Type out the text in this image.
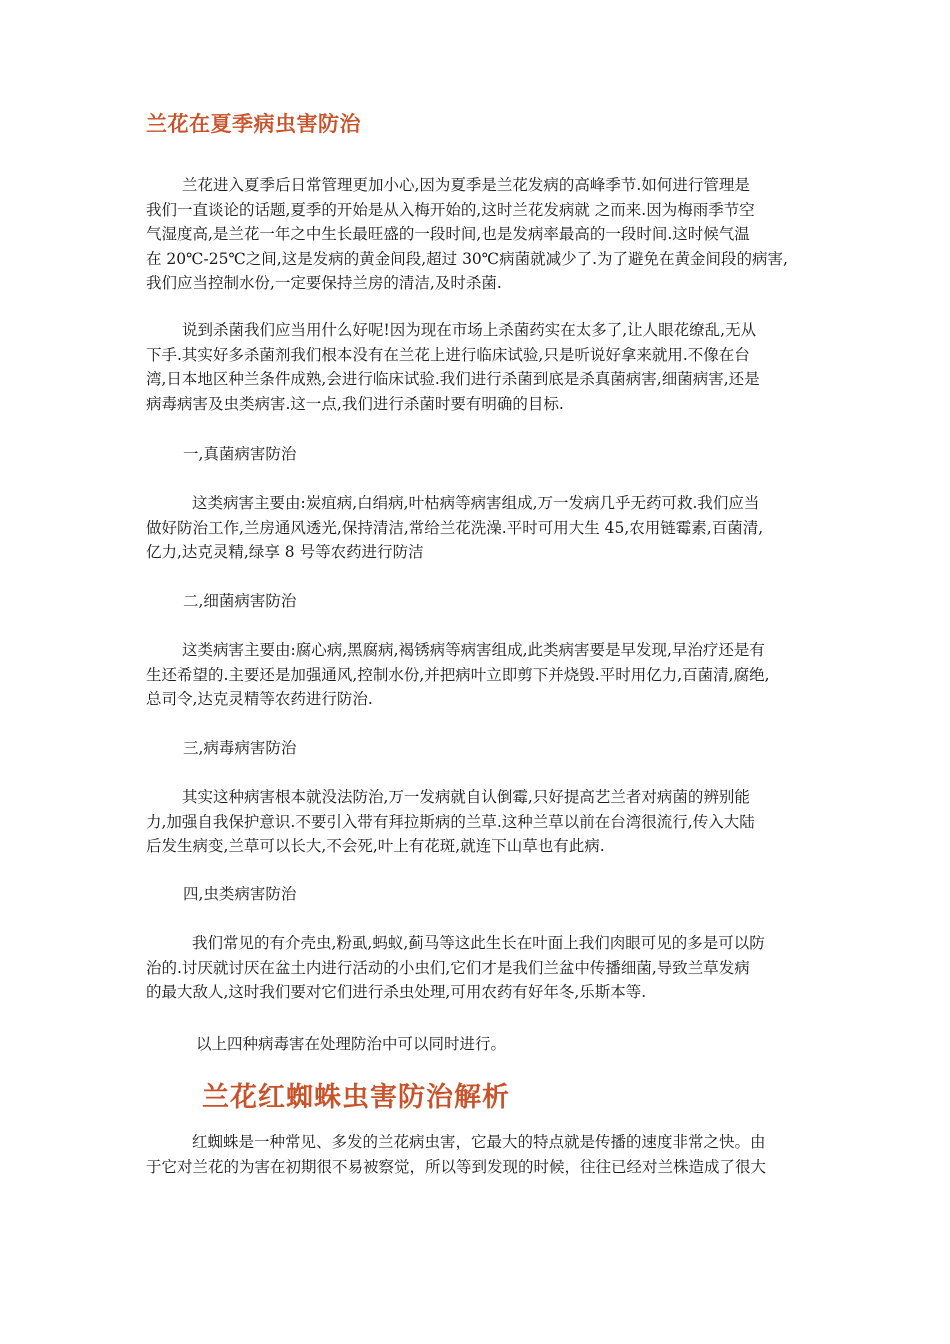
兰花在夏季病虫害防治
兰花进入夏季后日常管理更加小心,因为夏季是兰花发病的高峰季节.如何进行管理是
我们一直谈论的话题,夏季的开始是从入梅开始的,这时兰花发病就 之而来.因为梅雨季节空
气湿度高,是兰花一年之中生长最旺盛的一段时间,也是发病率最高的一段时间.这时候气温
在 20℃-25℃之间,这是发病的黄金间段,超过 30℃病菌就减少了.为了避免在黄金间段的病害,
我们应当控制水份,一定要保持兰房的清洁,及时杀菌.
说到杀菌我们应当用什么好呢!因为现在市场上杀菌药实在太多了,让人眼花缭乱,无从
下手.其实好多杀菌剂我们根本没有在兰花上进行临床试验,只是听说好拿来就用.不像在台
湾,日本地区种兰条件成熟,会进行临床试验.我们进行杀菌到底是杀真菌病害,细菌病害,还是
病毒病害及虫类病害.这一点,我们进行杀菌时要有明确的目标.
一,真菌病害防治
这类病害主要由:炭疽病,白绢病,叶枯病等病害组成,万一发病几乎无药可救.我们应当
做好防治工作,兰房通风透光,保持清洁,常给兰花洗澡.平时可用大生 45,农用链霉素,百菌清,
亿力,达克灵精,绿享 8 号等农药进行防洁
二,细菌病害防治
这类病害主要由:腐心病,黑腐病,褐锈病等病害组成,此类病害要是早发现,早治疗还是有
生还希望的.主要还是加强通风,控制水份,并把病叶立即剪下并烧毁.平时用亿力,百菌清,腐绝,
总司令,达克灵精等农药进行防治.
三,病毒病害防治
其实这种病害根本就没法防治,万一发病就自认倒霉,只好提高艺兰者对病菌的辨别能
力,加强自我保护意识.不要引入带有拜拉斯病的兰草.这种兰草以前在台湾很流行,传入大陆
后发生病变,兰草可以长大,不会死,叶上有花斑,就连下山草也有此病.
四,虫类病害防治
我们常见的有介壳虫,粉虱,蚂蚁,蓟马等这此生长在叶面上我们肉眼可见的多是可以防
治的.讨厌就讨厌在盆土内进行活动的小虫们,它们才是我们兰盆中传播细菌,导致兰草发病
的最大敌人,这时我们要对它们进行杀虫处理,可用农药有好年冬,乐斯本等.
以上四种病毒害在处理防治中可以同时进行。
兰花红蜘蛛虫害防治解析
红蜘蛛是一种常见、多发的兰花病虫害，它最大的特点就是传播的速度非常之快。由
于它对兰花的为害在初期很不易被察觉，所以等到发现的时候，往往已经对兰株造成了很大
